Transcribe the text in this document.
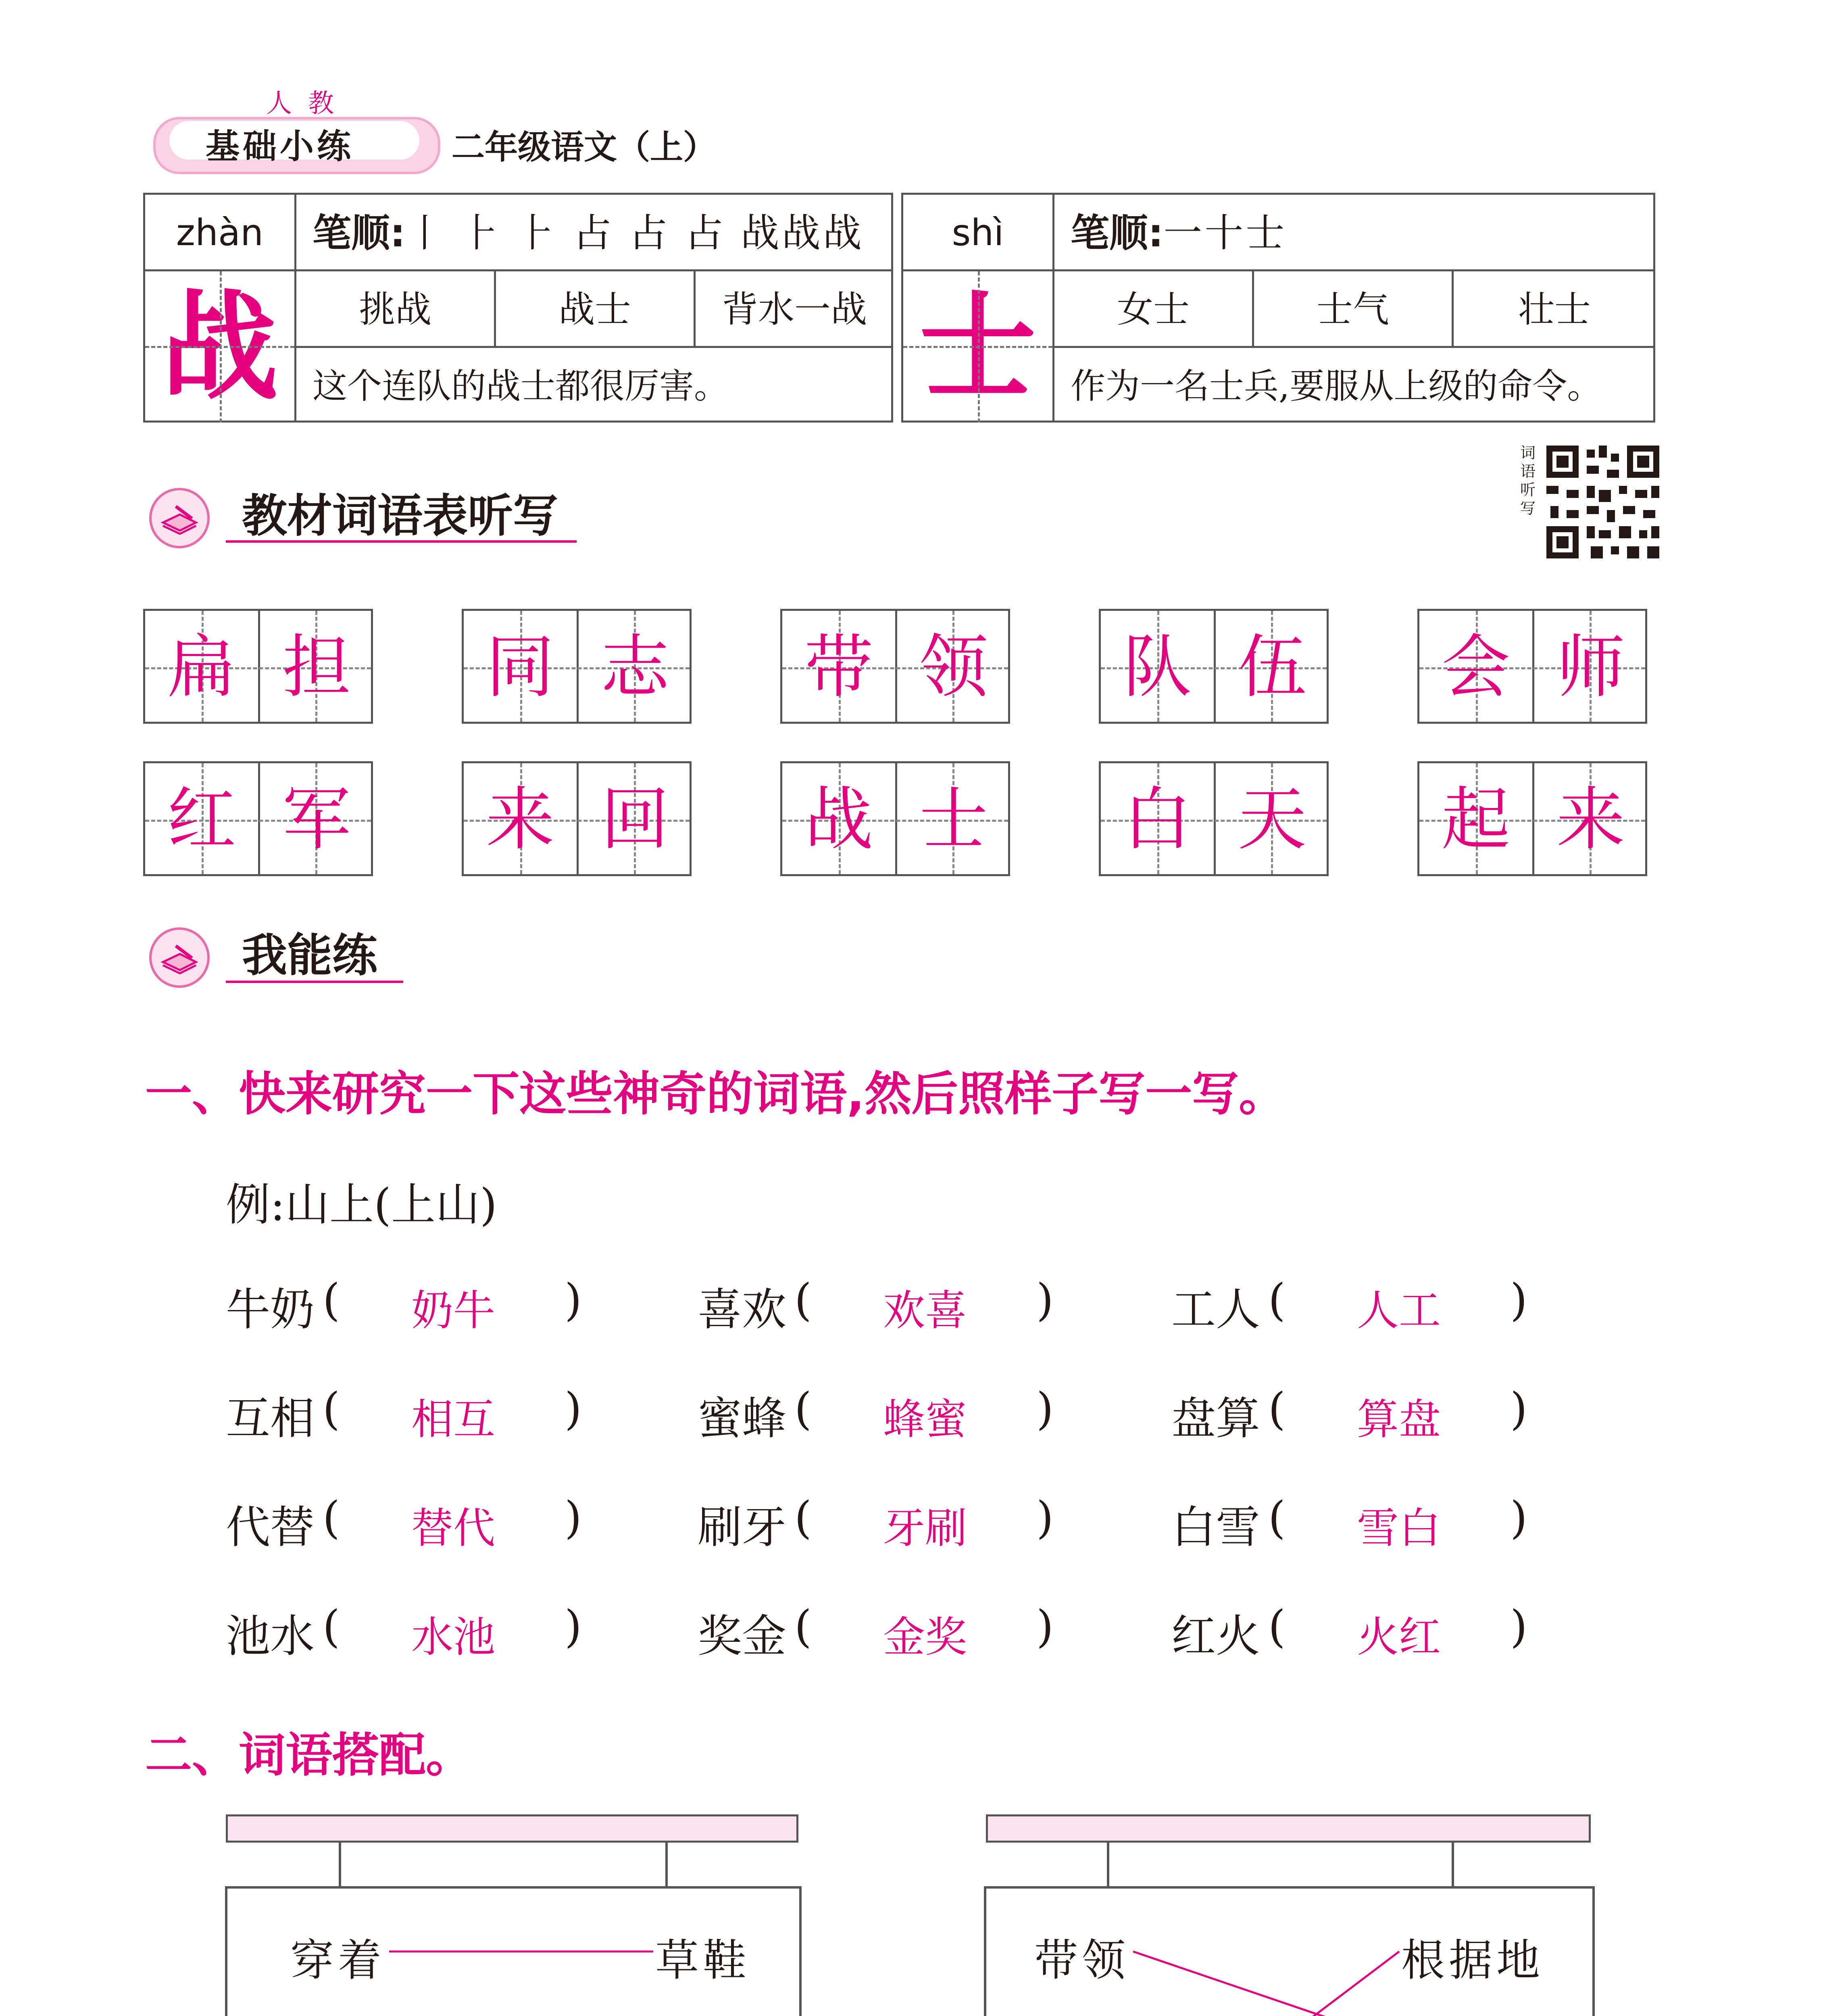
人教
基础小练	二年级语文（上）
zhàn
战
笔顺:丨 ⺊ ⺊ 占 占 占 战战战
挑战	战士	背水一战
这个连队的战士都很厉害。
shì
士
笔顺:一十士
女士	士气	壮士
作为一名士兵,要服从上级的命令。
教材词语表听写
词语听写
扁 担	同 志	带 领	队 伍	会 师
红 军	来 回	战 士	白 天	起 来
我能练
一、快来研究一下这些神奇的词语,然后照样子写一写。
例:山上(上山)
牛奶 ( 奶牛 )	喜欢 ( 欢喜 )	工人 ( 人工 )
互相 ( 相互 )	蜜蜂 ( 蜂蜜 )	盘算 ( 算盘 )
代替 ( 替代 )	刷牙 ( 牙刷 )	白雪 ( 雪白 )
池水 ( 水池 )	奖金 ( 金奖 )	红火 ( 火红 )
二、词语搭配。
穿着	草鞋	带领	根据地
